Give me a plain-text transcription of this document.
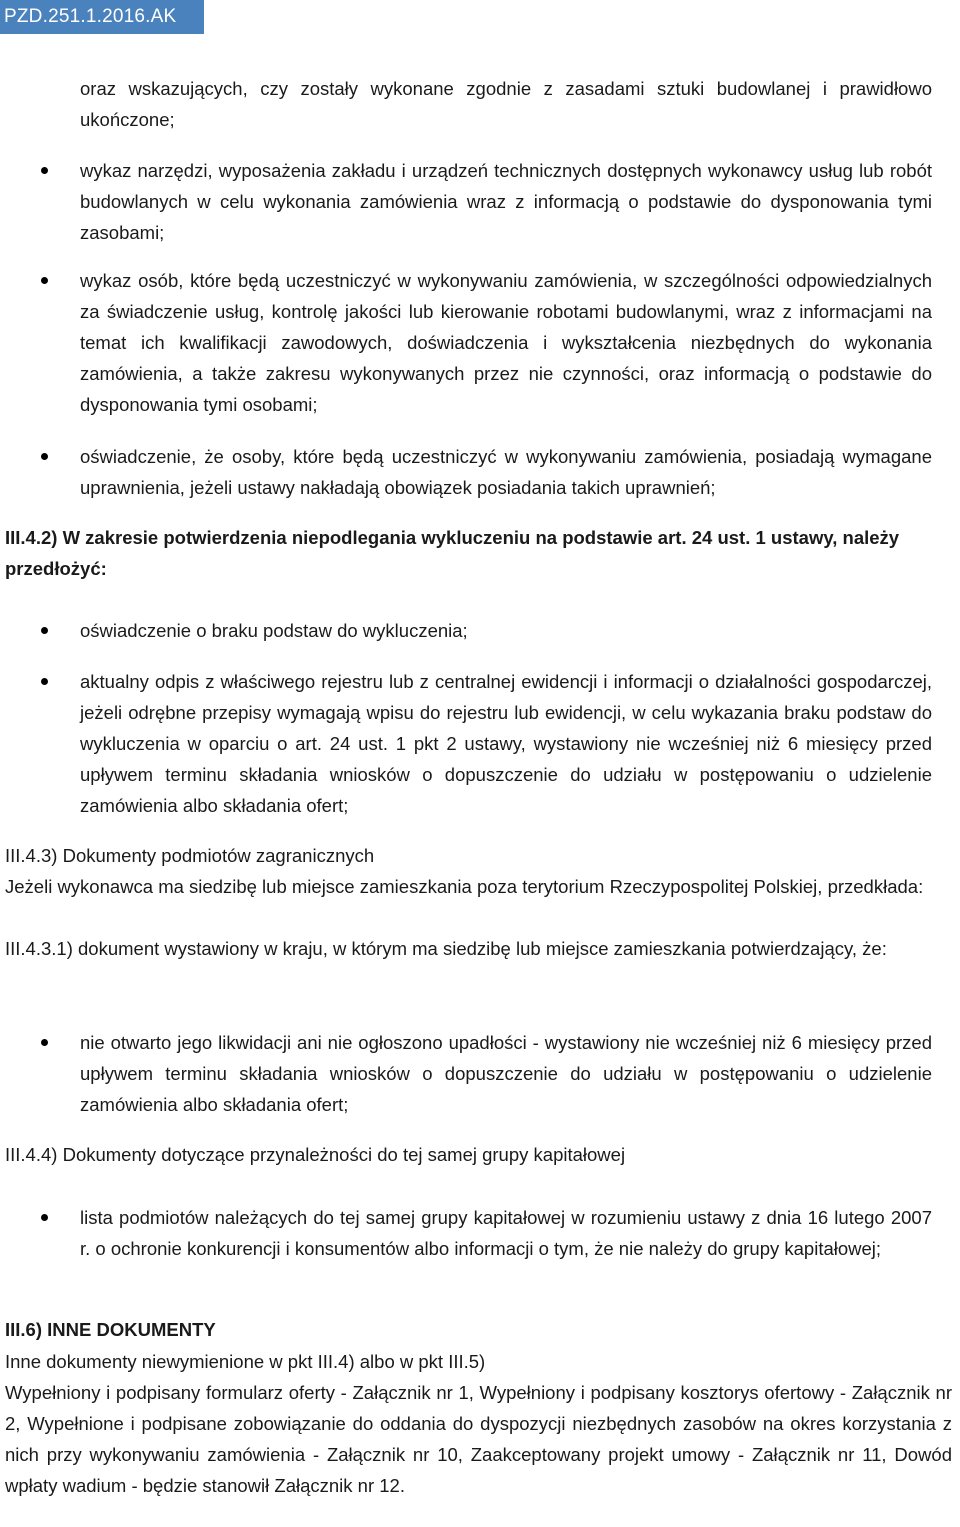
PZD.251.1.2016.AK
oraz wskazujących, czy zostały wykonane zgodnie z zasadami sztuki budowlanej i prawidłowo ukończone;
wykaz narzędzi, wyposażenia zakładu i urządzeń technicznych dostępnych wykonawcy usług lub robót budowlanych w celu wykonania zamówienia wraz z informacją o podstawie do dysponowania tymi zasobami;
wykaz osób, które będą uczestniczyć w wykonywaniu zamówienia, w szczególności odpowiedzialnych za świadczenie usług, kontrolę jakości lub kierowanie robotami budowlanymi, wraz z informacjami na temat ich kwalifikacji zawodowych, doświadczenia i wykształcenia niezbędnych do wykonania zamówienia, a także zakresu wykonywanych przez nie czynności, oraz informacją o podstawie do dysponowania tymi osobami;
oświadczenie, że osoby, które będą uczestniczyć w wykonywaniu zamówienia, posiadają wymagane uprawnienia, jeżeli ustawy nakładają obowiązek posiadania takich uprawnień;
III.4.2) W zakresie potwierdzenia niepodlegania wykluczeniu na podstawie art. 24 ust. 1 ustawy, należy przedłożyć:
oświadczenie o braku podstaw do wykluczenia;
aktualny odpis z właściwego rejestru lub z centralnej ewidencji i informacji o działalności gospodarczej, jeżeli odrębne przepisy wymagają wpisu do rejestru lub ewidencji, w celu wykazania braku podstaw do wykluczenia w oparciu o art. 24 ust. 1 pkt 2 ustawy, wystawiony nie wcześniej niż 6 miesięcy przed upływem terminu składania wniosków o dopuszczenie do udziału w postępowaniu o udzielenie zamówienia albo składania ofert;
III.4.3) Dokumenty podmiotów zagranicznych
Jeżeli wykonawca ma siedzibę lub miejsce zamieszkania poza terytorium Rzeczypospolitej Polskiej, przedkłada:
III.4.3.1) dokument wystawiony w kraju, w którym ma siedzibę lub miejsce zamieszkania potwierdzający, że:
nie otwarto jego likwidacji ani nie ogłoszono upadłości - wystawiony nie wcześniej niż 6 miesięcy przed upływem terminu składania wniosków o dopuszczenie do udziału w postępowaniu o udzielenie zamówienia albo składania ofert;
III.4.4) Dokumenty dotyczące przynależności do tej samej grupy kapitałowej
lista podmiotów należących do tej samej grupy kapitałowej w rozumieniu ustawy z dnia 16 lutego 2007 r. o ochronie konkurencji i konsumentów albo informacji o tym, że nie należy do grupy kapitałowej;
III.6) INNE DOKUMENTY
Inne dokumenty niewymienione w pkt III.4) albo w pkt III.5)
Wypełniony i podpisany formularz oferty - Załącznik nr 1, Wypełniony i podpisany kosztorys ofertowy - Załącznik nr 2, Wypełnione i podpisane zobowiązanie do oddania do dyspozycji niezbędnych zasobów na okres korzystania z nich przy wykonywaniu zamówienia - Załącznik nr 10, Zaakceptowany projekt umowy - Załącznik nr 11, Dowód wpłaty wadium - będzie stanowił Załącznik nr 12.
